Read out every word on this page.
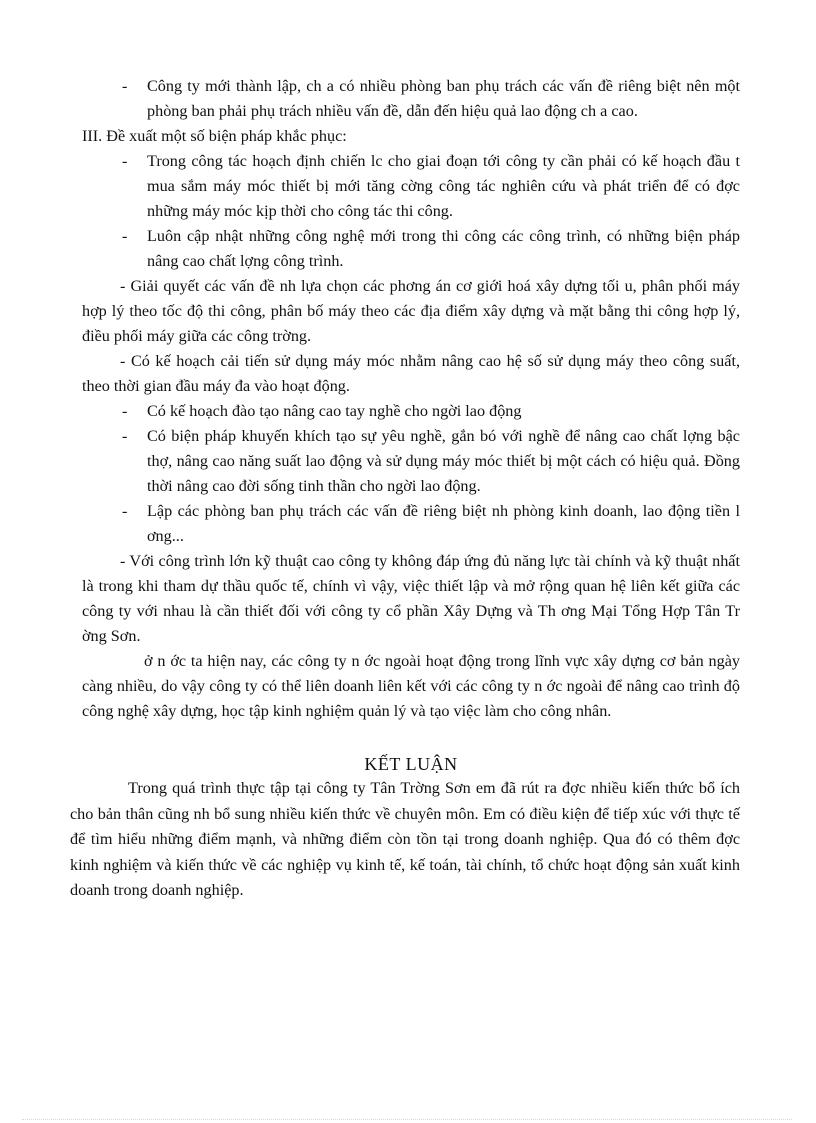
- Công ty mới thành lập, ch a có nhiều phòng ban phụ trách các vấn đề riêng biệt nên một phòng ban phải phụ trách nhiều vấn đề, dẫn đến hiệu quả lao động ch a cao.
III. Đề xuất một số biện pháp khắc phục:
- Trong công tác hoạch định chiến lc cho giai đoạn tới công ty cần phải có kế hoạch đầu t mua sắm máy móc thiết bị mới tăng cờng công tác nghiên cứu và phát triển để có đợc những máy móc kịp thời cho công tác thi công.
- Luôn cập nhật những công nghệ mới trong thi công các công trình, có những biện pháp nâng cao chất lợng công trình.
- Giải quyết các vấn đề nh lựa chọn các phơng án cơ giới hoá xây dựng tối u, phân phối máy hợp lý theo tốc độ thi công, phân bố máy theo các địa điểm xây dựng và mặt bằng thi công hợp lý, điều phối máy giữa các công trờng.
- Có kế hoạch cải tiến sử dụng máy móc nhằm nâng cao hệ số sử dụng máy theo công suất, theo thời gian đầu máy đa vào hoạt động.
- Có kế hoạch đào tạo nâng cao tay nghề cho ngời lao động
- Có biện pháp khuyến khích tạo sự yêu nghề, gắn bó với nghề để nâng cao chất lợng bậc thợ, nâng cao năng suất lao động và sử dụng máy móc thiết bị một cách có hiệu quả. Đồng thời nâng cao đời sống tinh thần cho ngời lao động.
- Lập các phòng ban phụ trách các vấn đề riêng biệt nh phòng kinh doanh, lao động tiền l ơng...
- Với công trình lớn kỹ thuật cao công ty không đáp ứng đủ năng lực tài chính và kỹ thuật nhất là trong khi tham dự thầu quốc tế, chính vì vậy, việc thiết lập và mở rộng quan hệ liên kết giữa các công ty với nhau là cần thiết đối với công ty cổ phần Xây Dựng và Th ơng Mại Tổng Hợp Tân Tr ờng Sơn.
ở n ớc ta hiện nay, các công ty n ớc ngoài hoạt động trong lĩnh vực xây dựng cơ bản ngày càng nhiều, do vậy công ty có thể liên doanh liên kết với các công ty n ớc ngoài để nâng cao trình độ công nghệ xây dựng, học tập kinh nghiệm quản lý và tạo việc làm cho công nhân.
KẾT LUẬN
Trong quá trình thực tập tại công ty Tân Trờng Sơn em đã rút ra đợc nhiều kiến thức bổ ích cho bản thân cũng nh bổ sung nhiều kiến thức về chuyên môn. Em có điều kiện để tiếp xúc với thực tế để tìm hiểu những điểm mạnh, và những điểm còn tồn tại trong doanh nghiệp. Qua đó có thêm đợc kinh nghiệm và kiến thức về các nghiệp vụ kinh tế, kế toán, tài chính, tổ chức hoạt động sản xuất kinh doanh trong doanh nghiệp.
